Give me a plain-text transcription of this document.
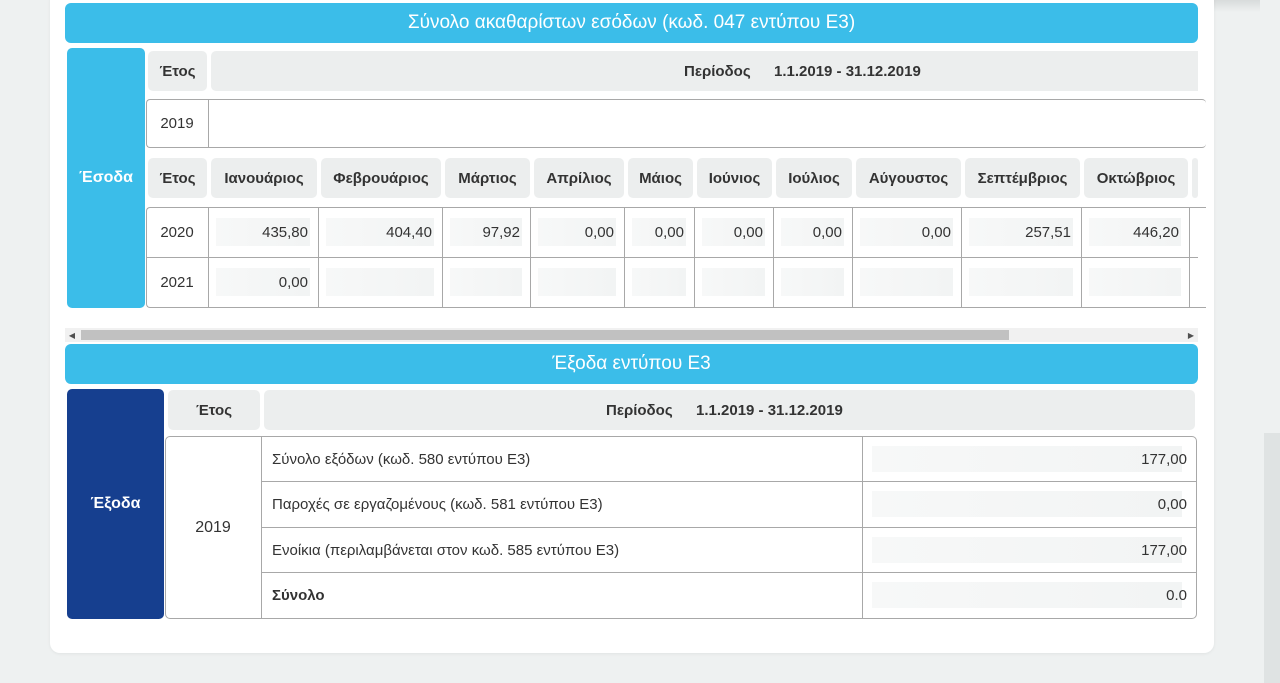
Σύνολο ακαθαρίστων εσόδων (κωδ. 047 εντύπου Ε3)
Έσοδα
Έτος	Περίοδος 1.1.2019 - 31.12.2019
2019
Έτος	Ιανουάριος	Φεβρουάριος	Μάρτιος	Απρίλιος	Μάιος	Ιούνιος	Ιούλιος	Αύγουστος	Σεπτέμβριος	Οκτώβριος
2020	435,80	404,40	97,92	0,00	0,00	0,00	0,00	0,00	257,51	446,20
2021	0,00
◀	▶
Έξοδα εντύπου Ε3
Έξοδα
Έτος	Περίοδος 1.1.2019 - 31.12.2019
2019
Σύνολο εξόδων (κωδ. 580 εντύπου Ε3)	177,00
Παροχές σε εργαζομένους (κωδ. 581 εντύπου Ε3)	0,00
Ενοίκια (περιλαμβάνεται στον κωδ. 585 εντύπου Ε3)	177,00
Σύνολο	0.0
